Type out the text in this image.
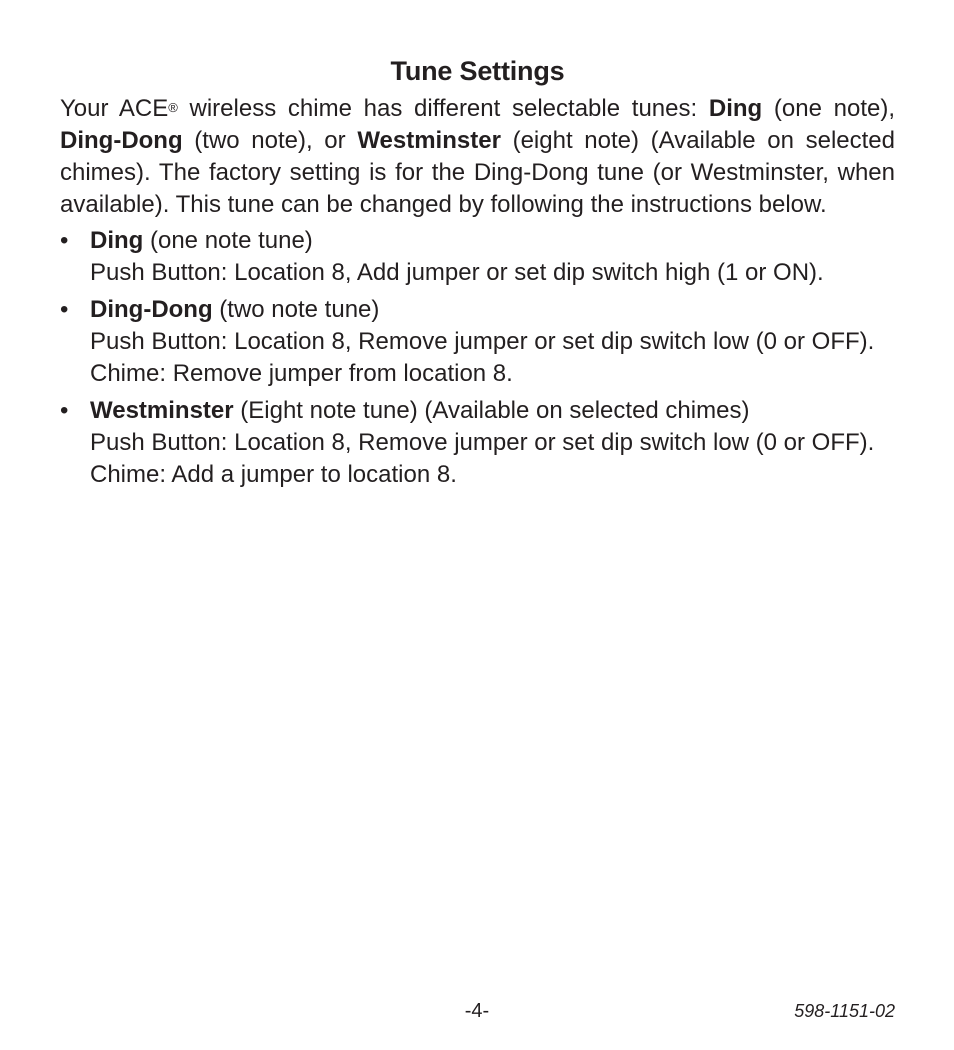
Tune Settings

Your ACE® wireless chime has different selectable tunes: Ding (one note), Ding-Dong (two note), or Westminster (eight note) (Available on selected chimes). The factory setting is for the Ding-Dong tune (or Westminster, when available). This tune can be changed by following the instructions below.

• Ding (one note tune)
Push Button: Location 8, Add jumper or set dip switch high (1 or ON).
• Ding-Dong (two note tune)
Push Button: Location 8, Remove jumper or set dip switch low (0 or OFF).
Chime: Remove jumper from location 8.
• Westminster (Eight note tune) (Available on selected chimes)
Push Button: Location 8, Remove jumper or set dip switch low (0 or OFF).
Chime: Add a jumper to location 8.
-4-	598-1151-02
